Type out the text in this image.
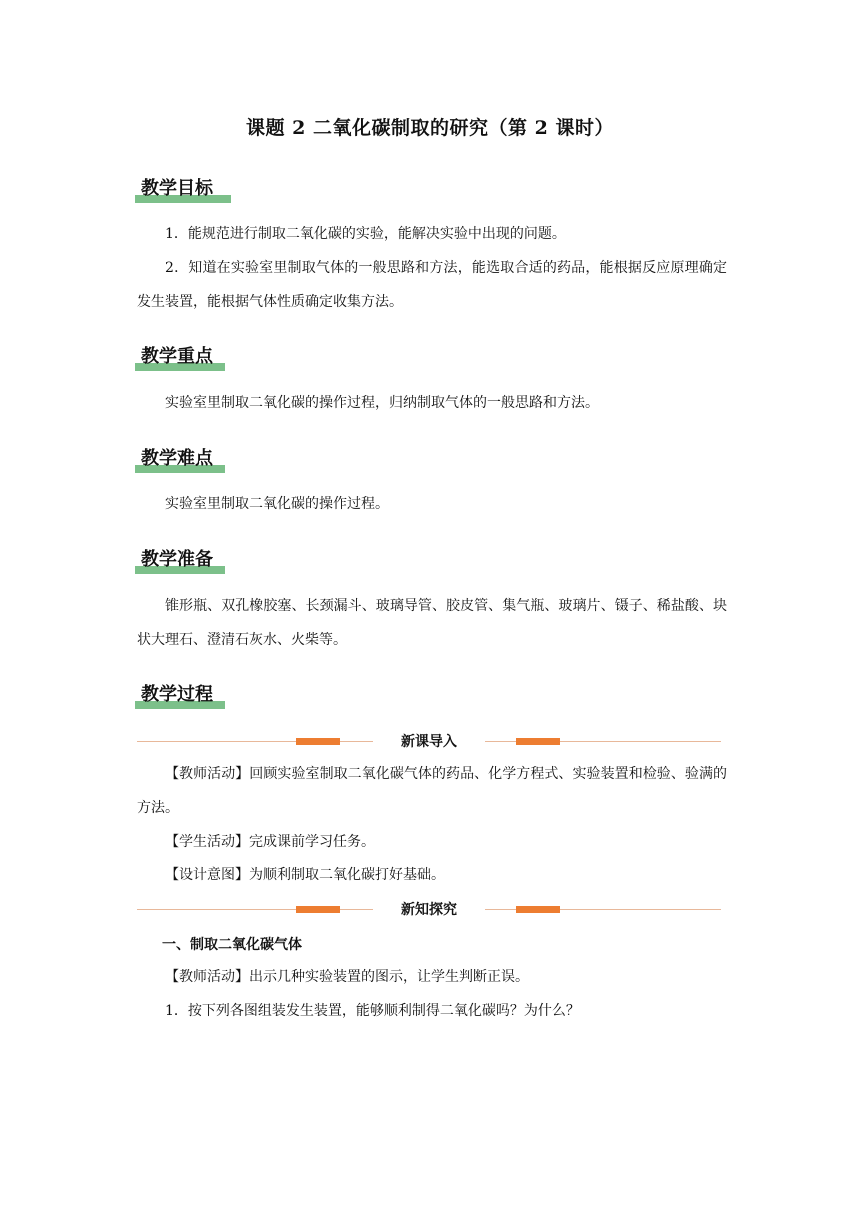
课题 2 二氧化碳制取的研究（第 2 课时）
教学目标
1．能规范进行制取二氧化碳的实验，能解决实验中出现的问题。
2．知道在实验室里制取气体的一般思路和方法，能选取合适的药品，能根据反应原理确定发生装置，能根据气体性质确定收集方法。
教学重点
实验室里制取二氧化碳的操作过程，归纳制取气体的一般思路和方法。
教学难点
实验室里制取二氧化碳的操作过程。
教学准备
锥形瓶、双孔橡胶塞、长颈漏斗、玻璃导管、胶皮管、集气瓶、玻璃片、镊子、稀盐酸、块状大理石、澄清石灰水、火柴等。
教学过程
新课导入
【教师活动】回顾实验室制取二氧化碳气体的药品、化学方程式、实验装置和检验、验满的方法。
【学生活动】完成课前学习任务。
【设计意图】为顺利制取二氧化碳打好基础。
新知探究
一、制取二氧化碳气体
【教师活动】出示几种实验装置的图示，让学生判断正误。
1．按下列各图组装发生装置，能够顺利制得二氧化碳吗？为什么？
